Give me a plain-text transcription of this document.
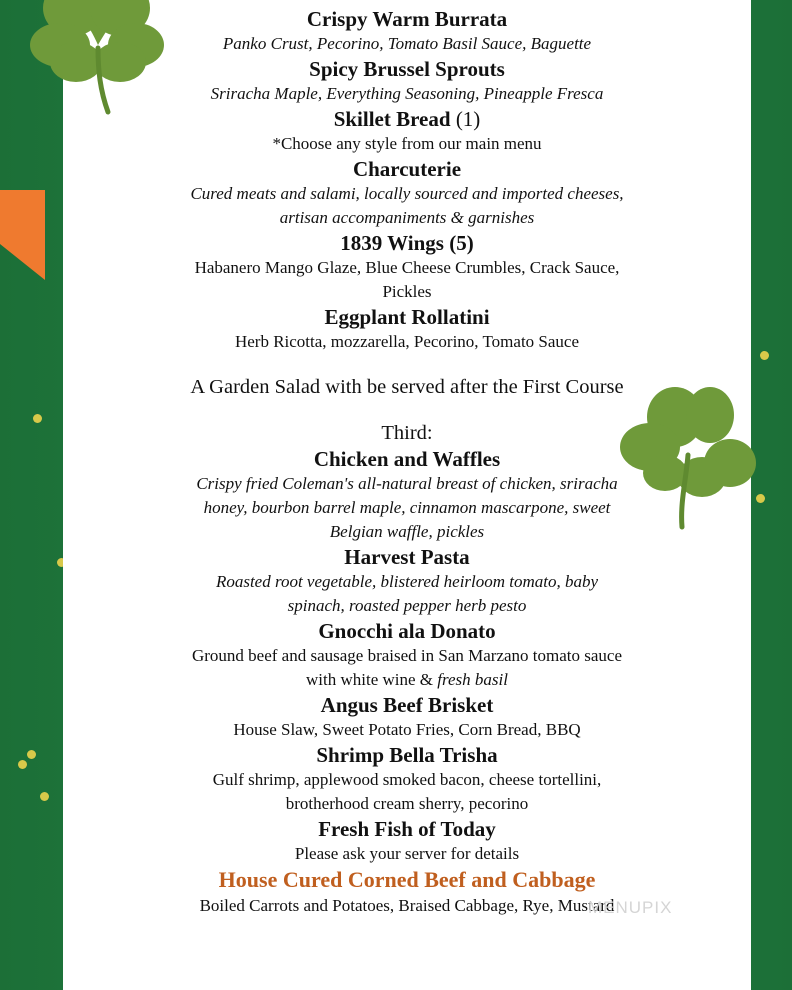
Crispy Warm Burrata
Panko Crust, Pecorino, Tomato Basil Sauce, Baguette
Spicy Brussel Sprouts
Sriracha Maple, Everything Seasoning, Pineapple Fresca
Skillet Bread (1)
*Choose any style from our main menu
Charcuterie
Cured meats and salami, locally sourced and imported cheeses,
artisan accompaniments & garnishes
1839 Wings (5)
Habanero Mango Glaze, Blue Cheese Crumbles, Crack Sauce,
Pickles
Eggplant Rollatini
Herb Ricotta, mozzarella, Pecorino, Tomato Sauce
A Garden Salad with be served after the First Course
Third:
Chicken and Waffles
Crispy fried Coleman's all-natural breast of chicken, sriracha
honey, bourbon barrel maple, cinnamon mascarpone, sweet
Belgian waffle, pickles
Harvest Pasta
Roasted root vegetable, blistered heirloom tomato, baby
spinach, roasted pepper herb pesto
Gnocchi ala Donato
Ground beef and sausage braised in San Marzano tomato sauce
with white wine & fresh basil
Angus Beef Brisket
House Slaw, Sweet Potato Fries, Corn Bread, BBQ
Shrimp Bella Trisha
Gulf shrimp, applewood smoked bacon, cheese tortellini,
brotherhood cream sherry, pecorino
Fresh Fish of Today
Please ask your server for details
House Cured Corned Beef and Cabbage
Boiled Carrots and Potatoes, Braised Cabbage, Rye, Mustard
MENUPIX
